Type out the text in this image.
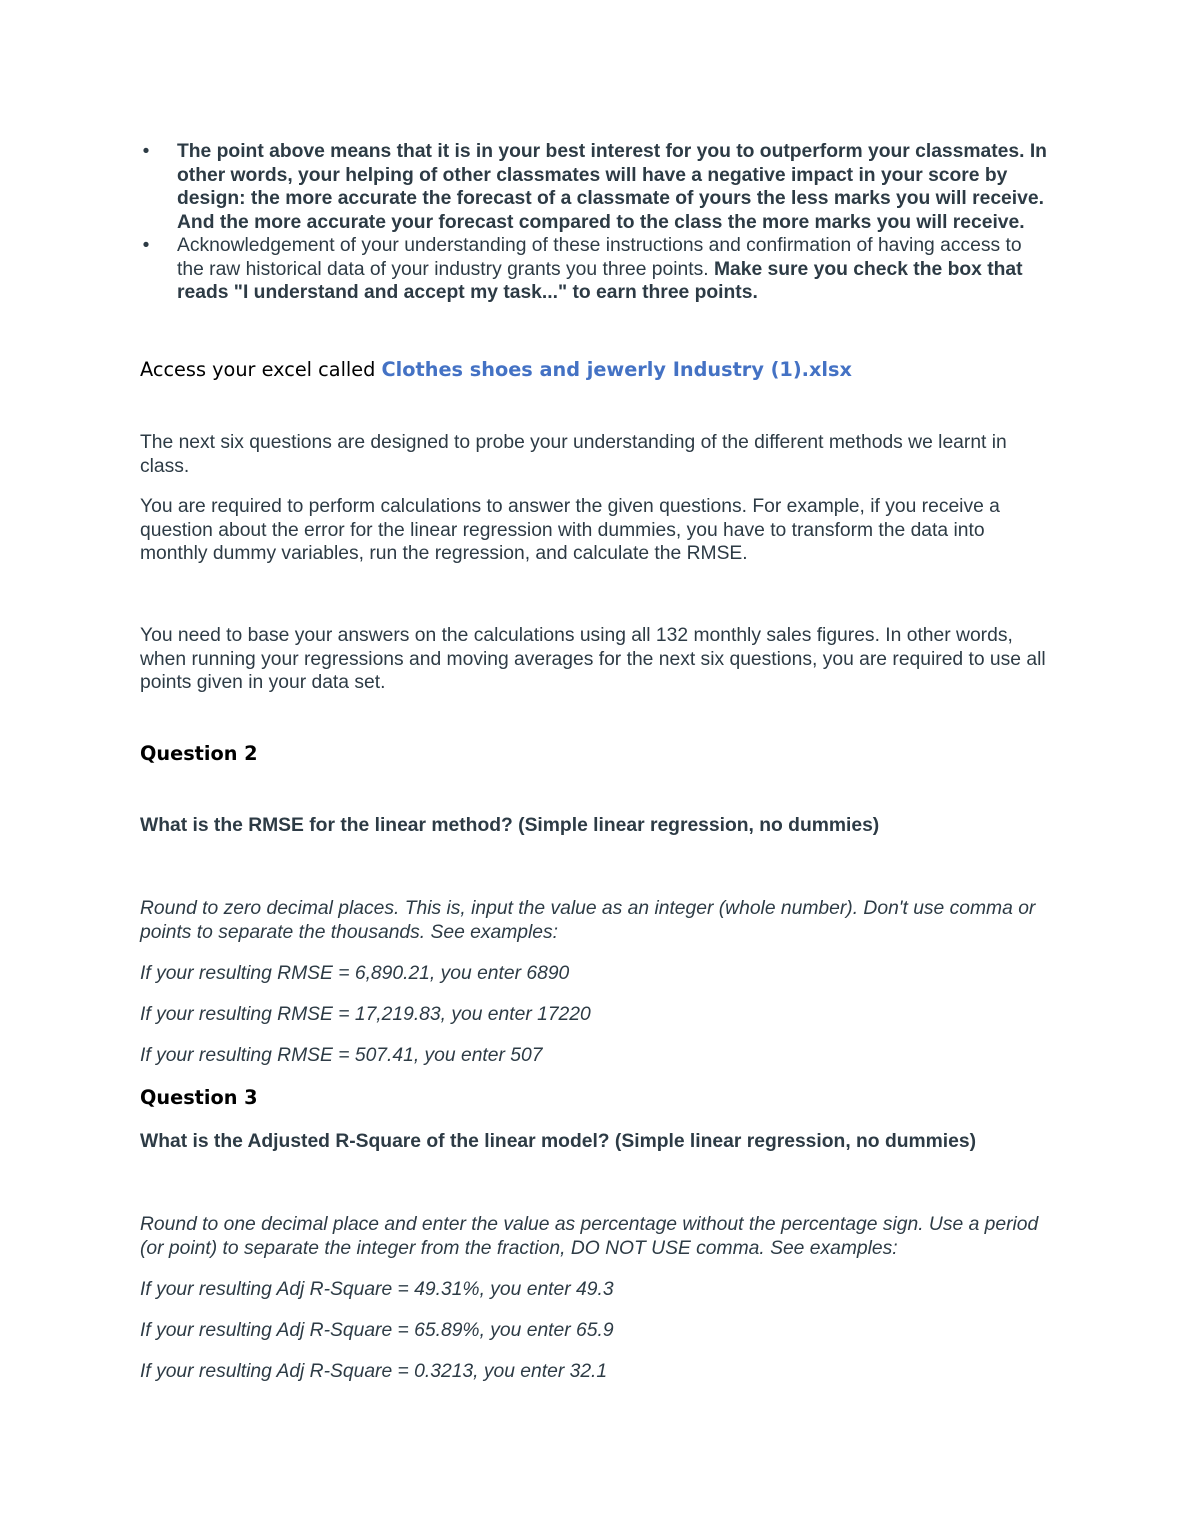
• The point above means that it is in your best interest for you to outperform your classmates. In other words, your helping of other classmates will have a negative impact in your score by design: the more accurate the forecast of a classmate of yours the less marks you will receive. And the more accurate your forecast compared to the class the more marks you will receive.
• Acknowledgement of your understanding of these instructions and confirmation of having access to the raw historical data of your industry grants you three points. Make sure you check the box that reads "I understand and accept my task..." to earn three points.

Access your excel called Clothes shoes and jewerly Industry (1).xlsx

The next six questions are designed to probe your understanding of the different methods we learnt in class.

You are required to perform calculations to answer the given questions. For example, if you receive a question about the error for the linear regression with dummies, you have to transform the data into monthly dummy variables, run the regression, and calculate the RMSE.

You need to base your answers on the calculations using all 132 monthly sales figures. In other words, when running your regressions and moving averages for the next six questions, you are required to use all points given in your data set.

Question 2

What is the RMSE for the linear method? (Simple linear regression, no dummies)

Round to zero decimal places. This is, input the value as an integer (whole number). Don't use comma or points to separate the thousands. See examples:

If your resulting RMSE = 6,890.21, you enter 6890

If your resulting RMSE = 17,219.83, you enter 17220

If your resulting RMSE = 507.41, you enter 507

Question 3

What is the Adjusted R-Square of the linear model? (Simple linear regression, no dummies)

Round to one decimal place and enter the value as percentage without the percentage sign. Use a period (or point) to separate the integer from the fraction, DO NOT USE comma. See examples:

If your resulting Adj R-Square = 49.31%, you enter 49.3

If your resulting Adj R-Square = 65.89%, you enter 65.9

If your resulting Adj R-Square = 0.3213, you enter 32.1
